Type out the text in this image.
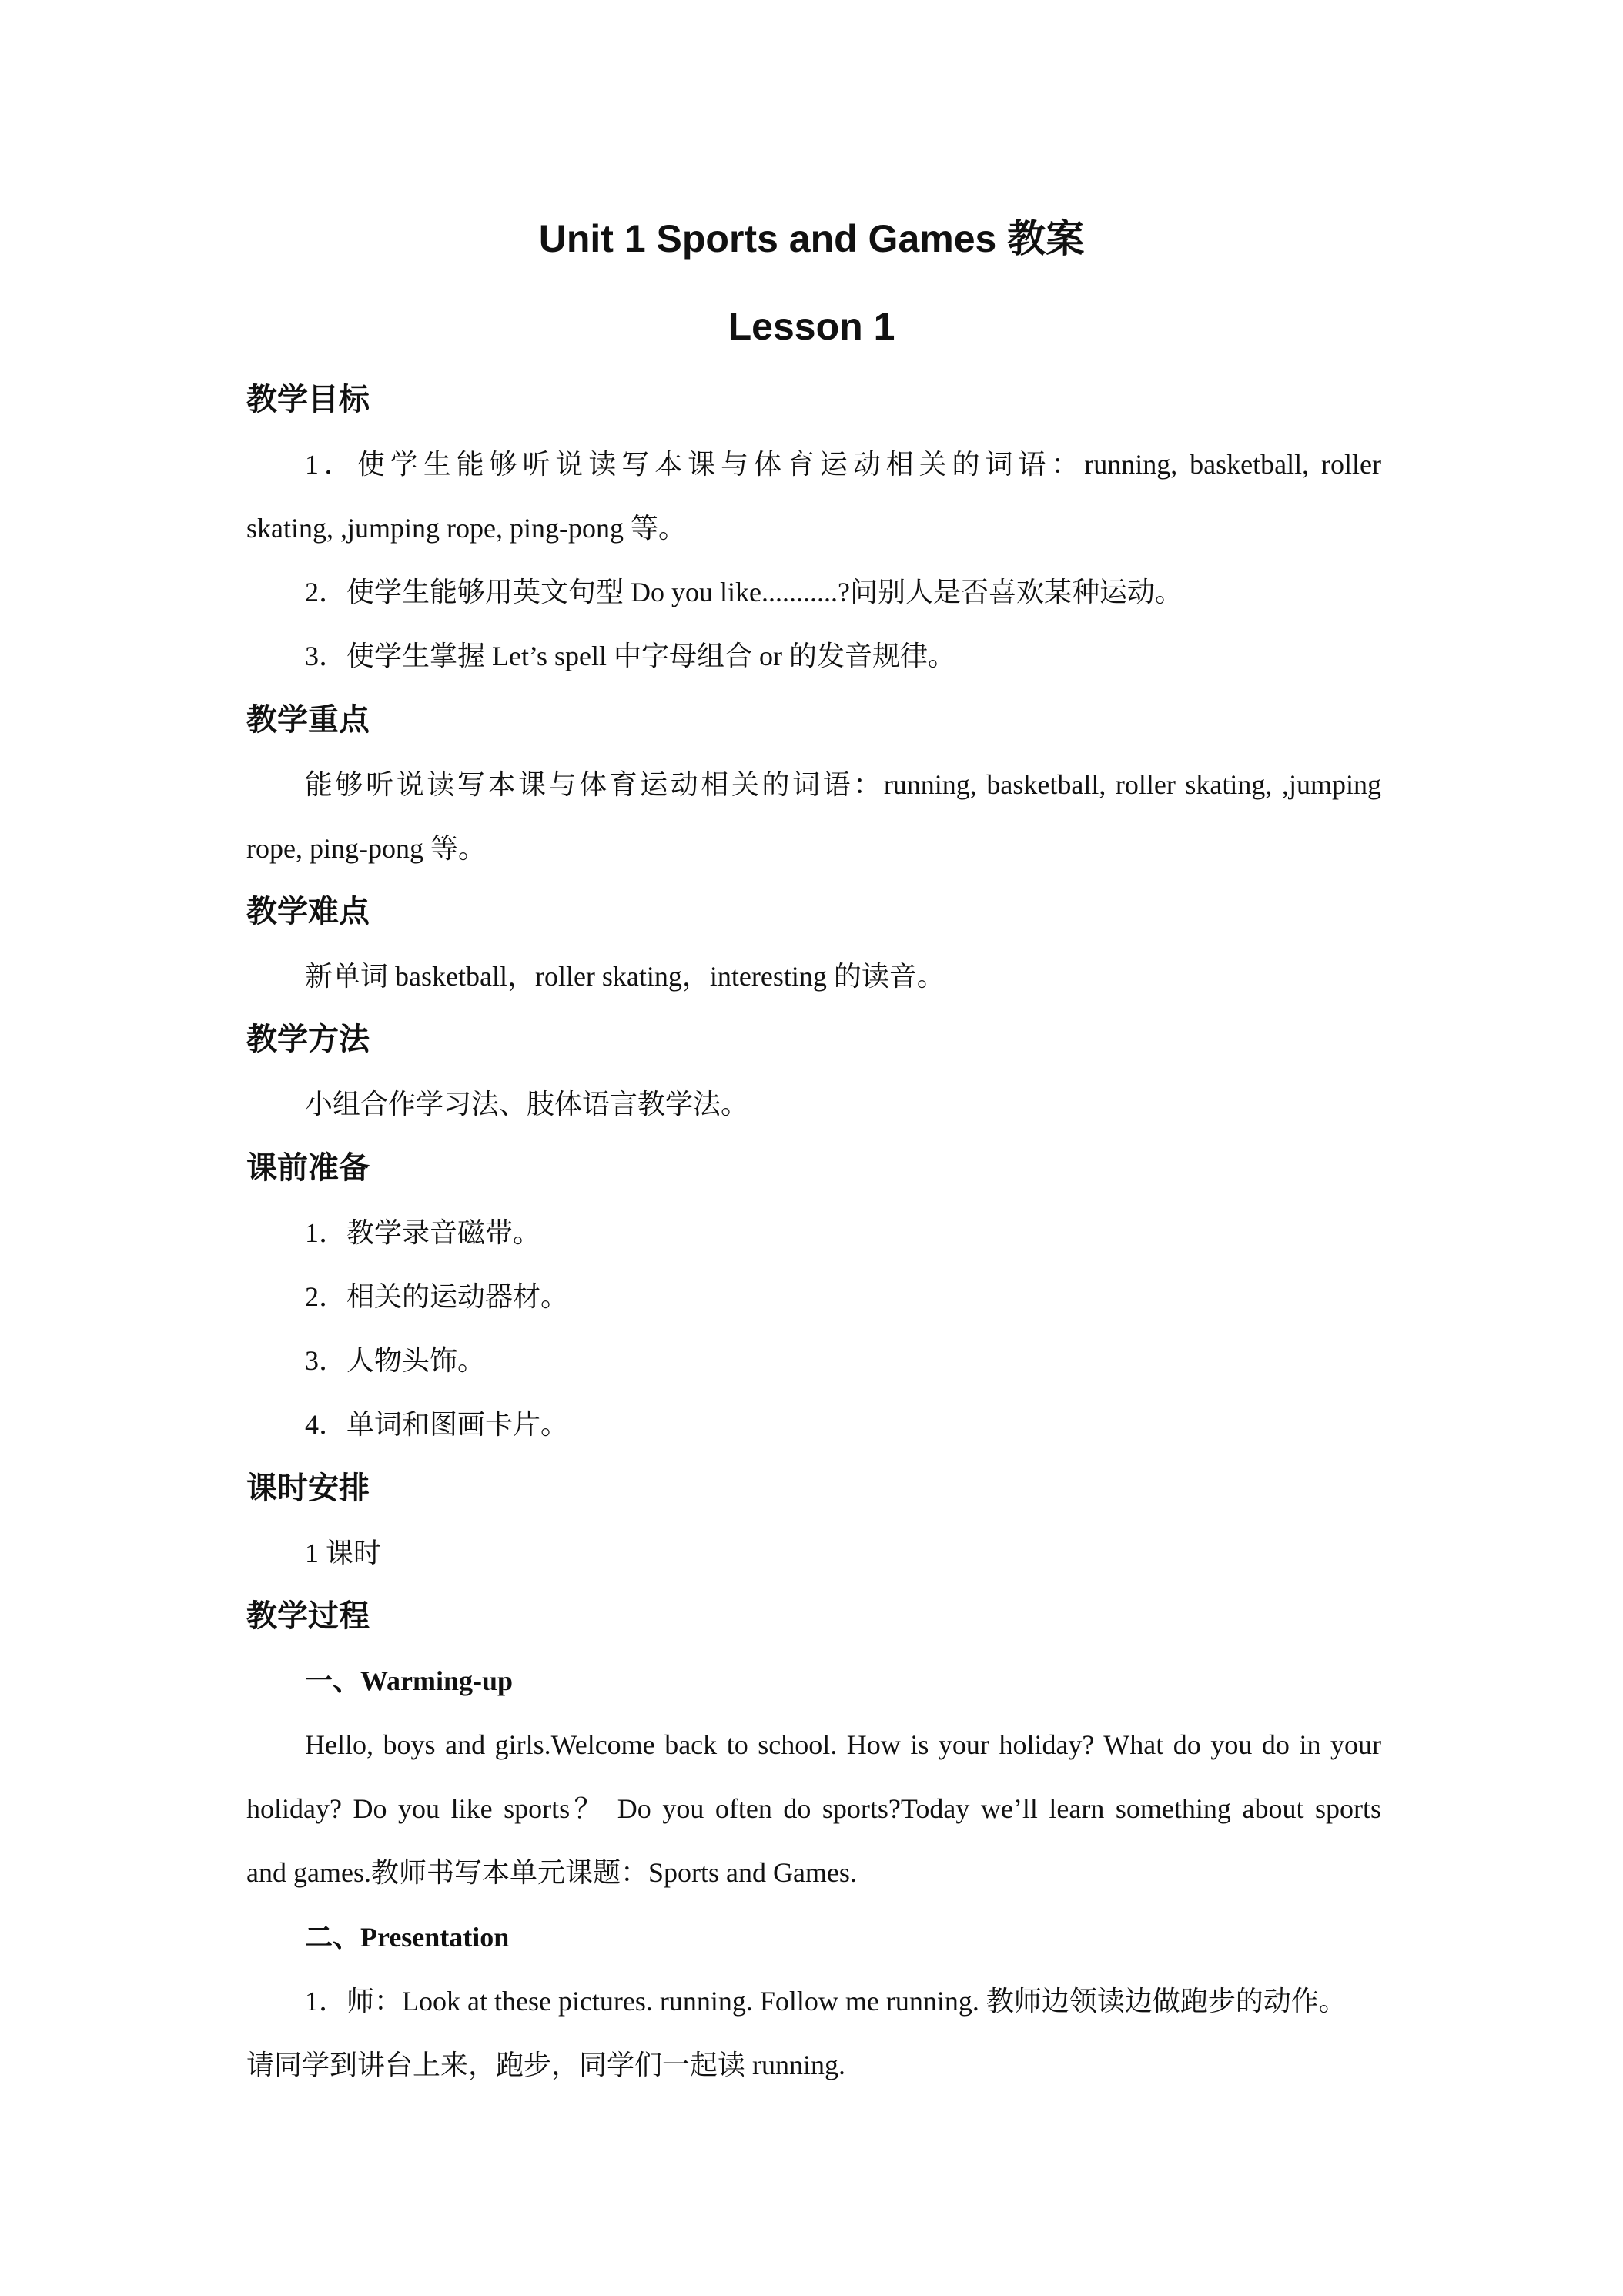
Unit 1 Sports and Games 教案
Lesson 1
教学目标
1．使学生能够听说读写本课与体育运动相关的词语：running, basketball, roller
skating, ,jumping rope, ping-pong 等。
2．使学生能够用英文句型 Do you like...........?问别人是否喜欢某种运动。
3．使学生掌握 Let’s spell 中字母组合 or 的发音规律。
教学重点
能够听说读写本课与体育运动相关的词语：running, basketball, roller skating, ,jumping
rope, ping-pong 等。
教学难点
新单词 basketball，roller skating，interesting 的读音。
教学方法
小组合作学习法、肢体语言教学法。
课前准备
1．教学录音磁带。
2．相关的运动器材。
3．人物头饰。
4．单词和图画卡片。
课时安排
1 课时
教学过程
一、Warming-up
Hello, boys and girls.Welcome back to school. How is your holiday? What do you do in your
holiday? Do you like sports？ Do you often do sports?Today we’ll learn something about sports
and games.教师书写本单元课题：Sports and Games.
二、Presentation
1．师：Look at these pictures. running. Follow me running. 教师边领读边做跑步的动作。
请同学到讲台上来，跑步，同学们一起读 running.
